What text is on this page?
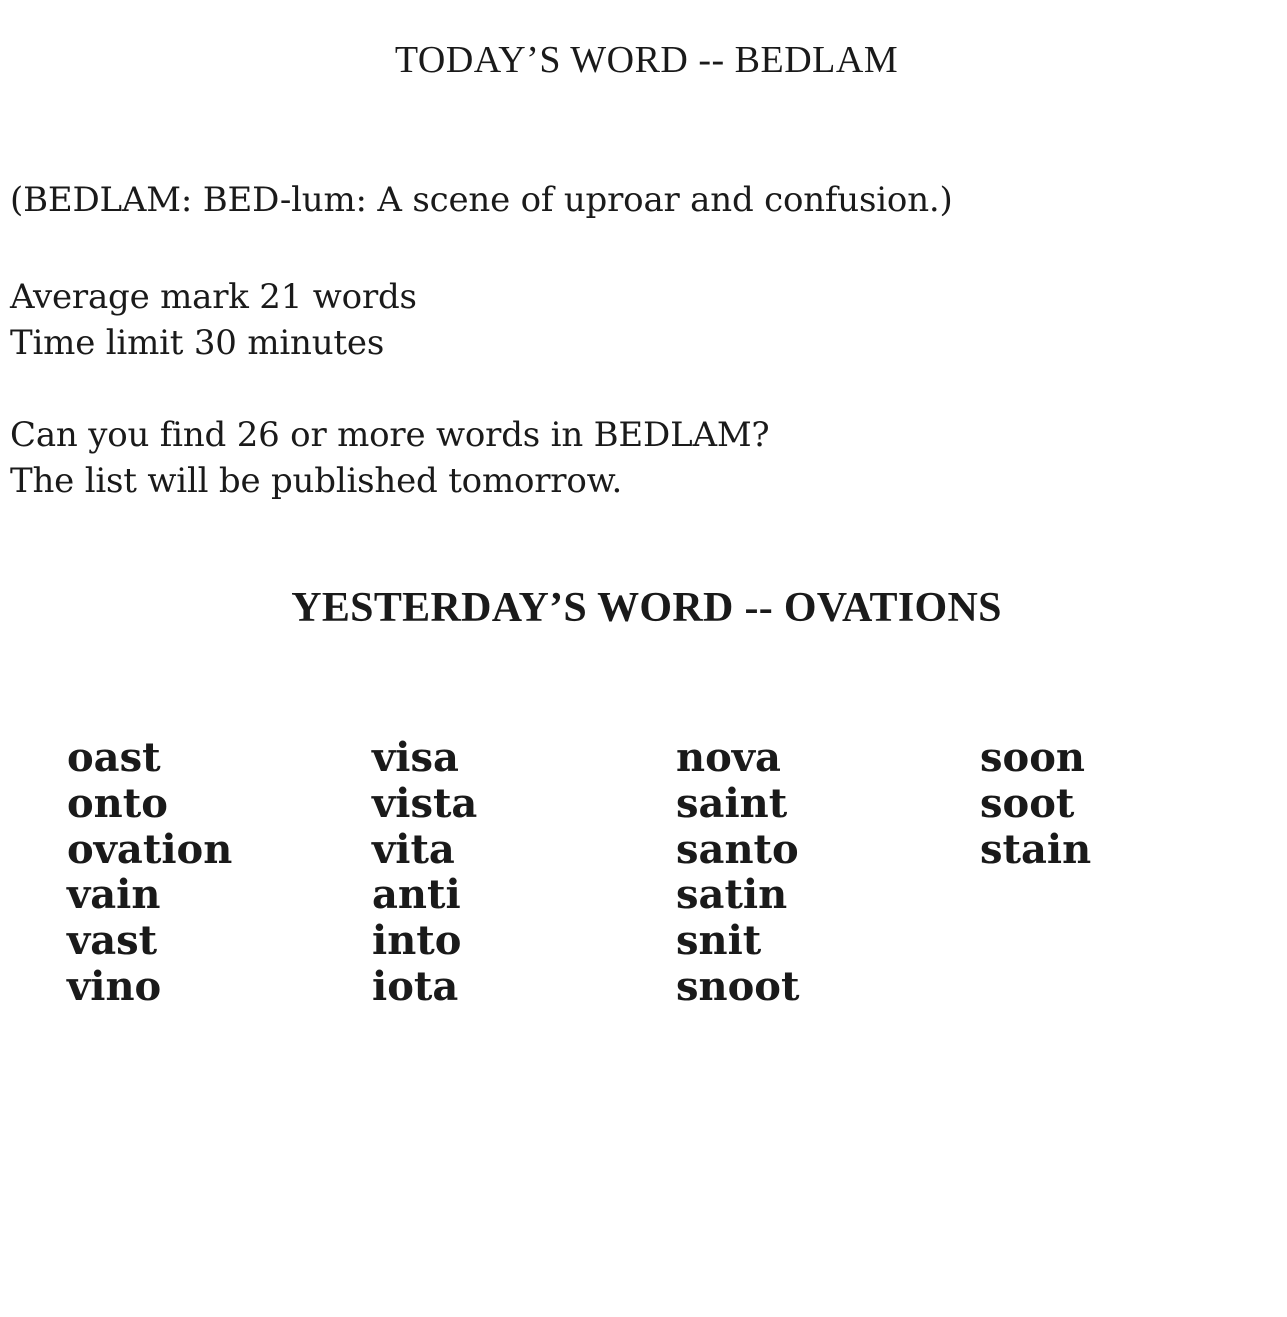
TODAY’S WORD -- BEDLAM
(BEDLAM: BED-lum: A scene of uproar and confusion.)
Average mark 21 words
Time limit 30 minutes
Can you find 26 or more words in BEDLAM?
The list will be published tomorrow.
YESTERDAY’S WORD -- OVATIONS
oast
onto
ovation
vain
vast
vino
visa
vista
vita
anti
into
iota
nova
saint
santo
satin
snit
snoot
soon
soot
stain
